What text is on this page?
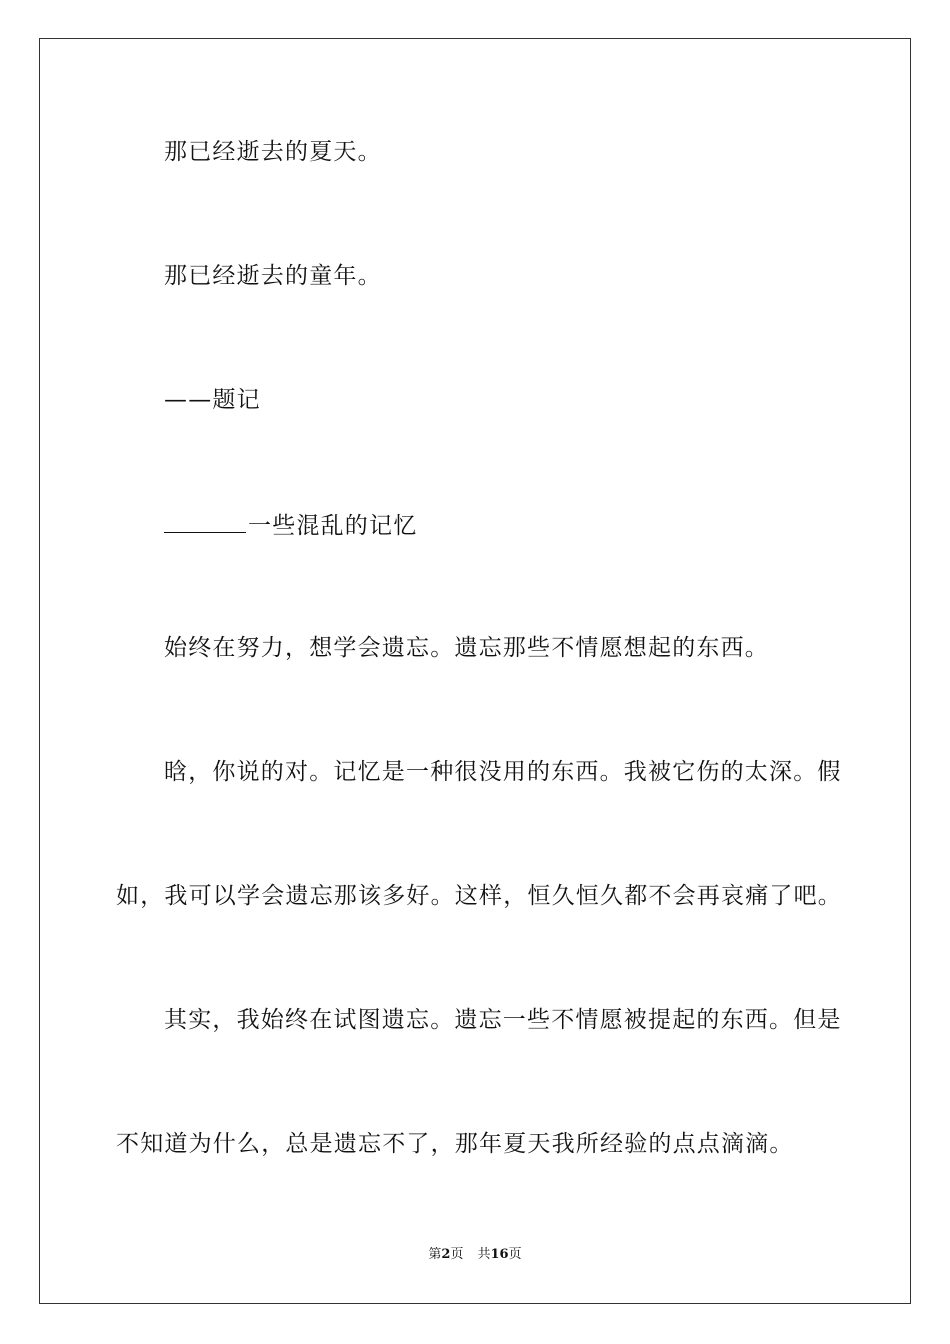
那已经逝去的夏天。
那已经逝去的童年。
——题记
一些混乱的记忆
始终在努力，想学会遗忘。遗忘那些不情愿想起的东西。
晗，你说的对。记忆是一种很没用的东西。我被它伤的太深。假
如，我可以学会遗忘那该多好。这样，恒久恒久都不会再哀痛了吧。
其实，我始终在试图遗忘。遗忘一些不情愿被提起的东西。但是
不知道为什么，总是遗忘不了，那年夏天我所经验的点点滴滴。
第2页 共16页
